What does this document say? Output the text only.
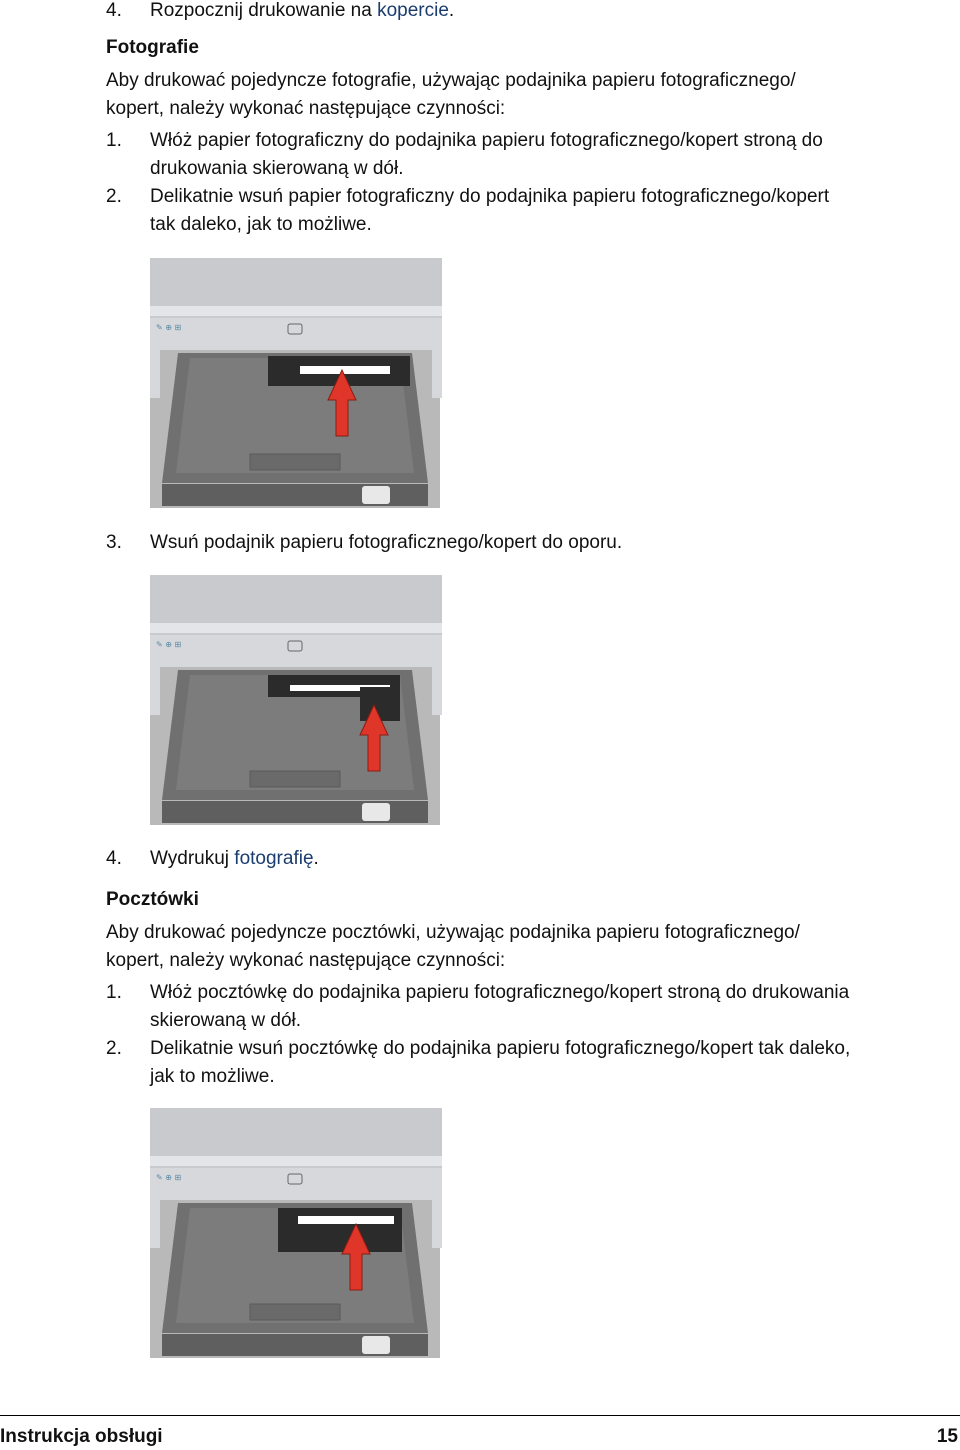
4. Rozpocznij drukowanie na kopercie.
Fotografie
Aby drukować pojedyncze fotografie, używając podajnika papieru fotograficznego/
kopert, należy wykonać następujące czynności:
1. Włóż papier fotograficzny do podajnika papieru fotograficznego/kopert stroną do
drukowania skierowaną w dół.
2. Delikatnie wsuń papier fotograficzny do podajnika papieru fotograficznego/kopert
tak daleko, jak to możliwe.
✎ ⊕ ⊞
3. Wsuń podajnik papieru fotograficznego/kopert do oporu.
✎ ⊕ ⊞
4. Wydrukuj fotografię.
Pocztówki
Aby drukować pojedyncze pocztówki, używając podajnika papieru fotograficznego/
kopert, należy wykonać następujące czynności:
1. Włóż pocztówkę do podajnika papieru fotograficznego/kopert stroną do drukowania
skierowaną w dół.
2. Delikatnie wsuń pocztówkę do podajnika papieru fotograficznego/kopert tak daleko,
jak to możliwe.
✎ ⊕ ⊞
Instrukcja obsługi	15
